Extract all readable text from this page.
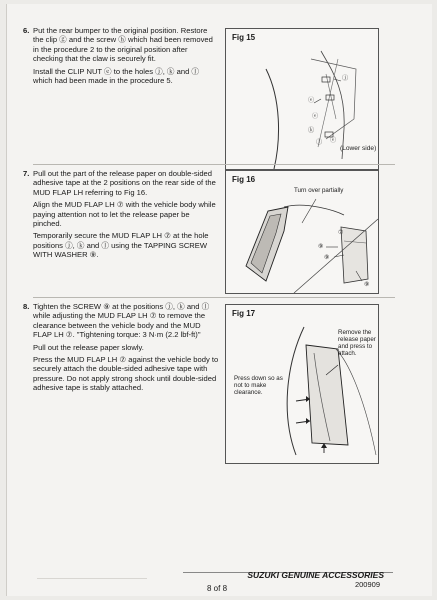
6. Put the rear bumper to the original position. Restore the clip ⓖ and the screw ⓗ which had been removed in the procedure 2 to the original position after checking that the claw is securely fit.

Install the CLIP NUT ⓔ to the holes ⓙ, ⓚ and ⓛ which had been made in the procedure 5.

Fig 15
ⓙ
ⓔ
ⓔ
ⓚ
ⓛ ⓔ
(Lower side)
7. Pull out the part of the release paper on double-sided adhesive tape at the 2 positions on the rear side of the MUD FLAP LH referring to Fig 16.

Align the MUD FLAP LH ⑦ with the vehicle body while paying attention not to let the release paper be pinched.

Temporarily secure the MUD FLAP LH ⑦ at the hole positions ⓙ, ⓚ and ⓛ using the TAPPING SCREW WITH WASHER ⑨.

Fig 16
Turn over partially
⑦
⑨
⑨
⑨
8. Tighten the SCREW ⑨ at the positions ⓙ, ⓚ and ⓛ while adjusting the MUD FLAP LH ⑦ to remove the clearance between the vehicle body and the MUD FLAP LH ⑦. "Tightening torque: 3 N·m (2.2 lbf-ft)"

Pull out the release paper slowly.

Press the MUD FLAP LH ⑦ against the vehicle body to securely attach the double-sided adhesive tape with pressure. Do not apply strong shock until double-sided adhesive tape is stably attached.

Fig 17
Remove the release paper and press to attach.
Press down so as not to make clearance.
SUZUKI GENUINE ACCESSORIES
200909
8 of 8
